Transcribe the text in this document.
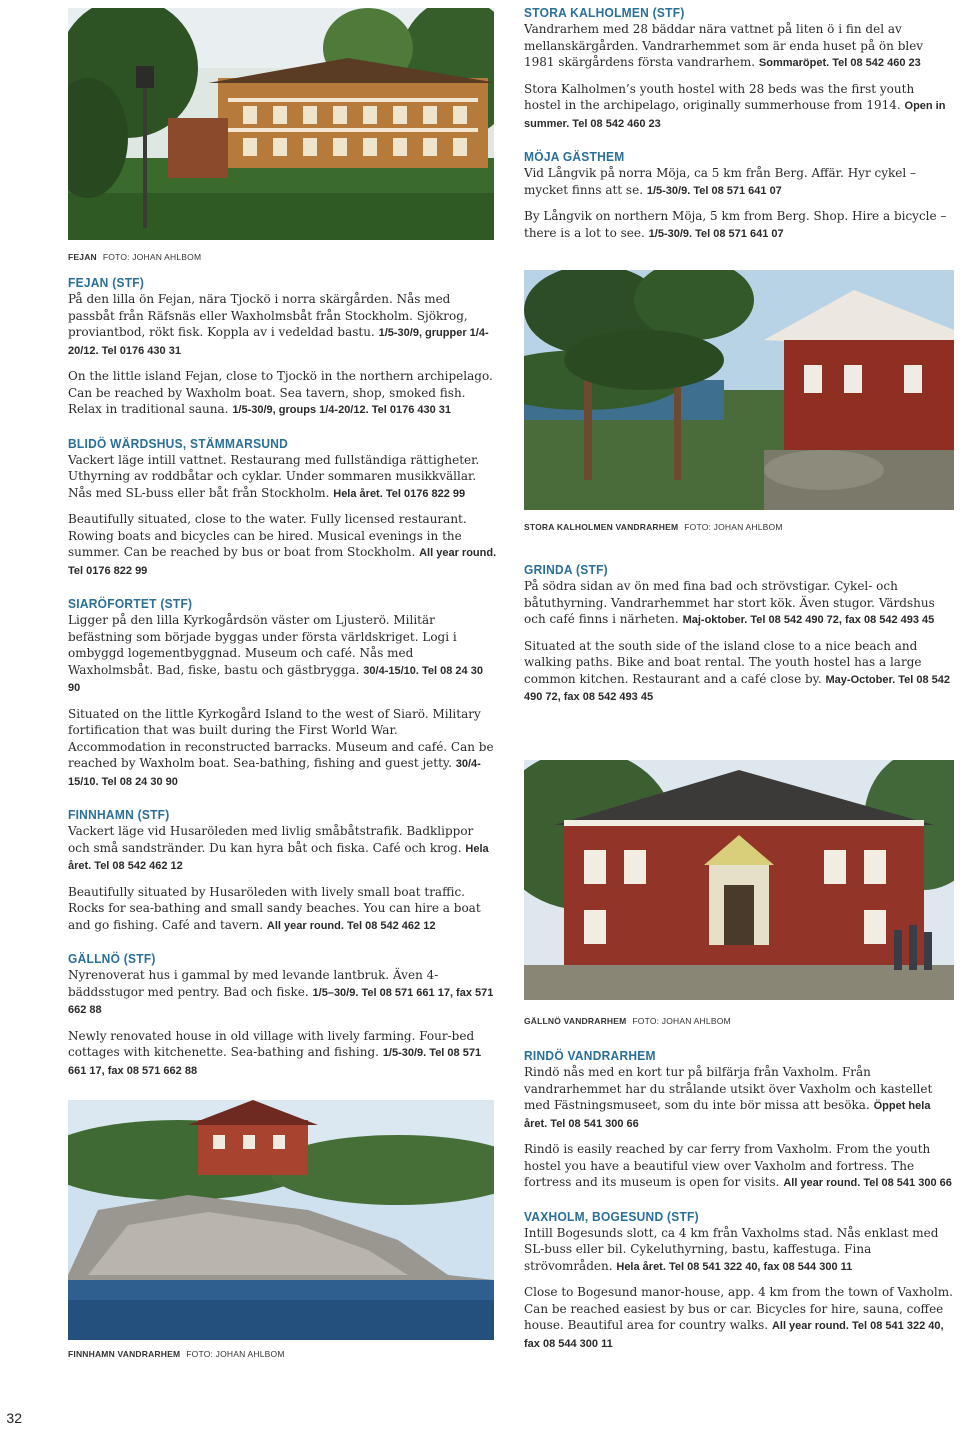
FEJAN FOTO: JOHAN AHLBOM
FEJAN (STF)

På den lilla ön Fejan, nära Tjockö i norra skärgården. Nås med passbåt från Räfsnäs eller Waxholmsbåt från Stockholm. Sjökrog, proviantbod, rökt fisk. Koppla av i vedeldad bastu. 1/5-30/9, grupper 1/4-20/12. Tel 0176 430 31

On the little island Fejan, close to Tjockö in the northern archipelago. Can be reached by Waxholm boat. Sea tavern, shop, smoked fish. Relax in traditional sauna. 1/5-30/9, groups 1/4-20/12. Tel 0176 430 31

BLIDÖ WÄRDSHUS, STÄMMARSUND

Vackert läge intill vattnet. Restaurang med fullständiga rättigheter. Uthyrning av roddbåtar och cyklar. Under sommaren musikkvällar. Nås med SL-buss eller båt från Stockholm. Hela året. Tel 0176 822 99

Beautifully situated, close to the water. Fully licensed restaurant. Rowing boats and bicycles can be hired. Musical evenings in the summer. Can be reached by bus or boat from Stockholm. All year round. Tel 0176 822 99

SIARÖFORTET (STF)

Ligger på den lilla Kyrkogårdsön väster om Ljusterö. Militär befästning som började byggas under första världskriget. Logi i ombyggd logementbyggnad. Museum och café. Nås med Waxholmsbåt. Bad, fiske, bastu och gästbrygga. 30/4-15/10. Tel 08 24 30 90

Situated on the little Kyrkogård Island to the west of Siarö. Military fortification that was built during the First World War. Accommodation in reconstructed barracks. Museum and café. Can be reached by Waxholm boat. Sea-bathing, fishing and guest jetty. 30/4-15/10. Tel 08 24 30 90

FINNHAMN (STF)

Vackert läge vid Husaröleden med livlig småbåtstrafik. Badklippor och små sandstränder. Du kan hyra båt och fiska. Café och krog. Hela året. Tel 08 542 462 12

Beautifully situated by Husaröleden with lively small boat traffic. Rocks for sea-bathing and small sandy beaches. You can hire a boat and go fishing. Café and tavern. All year round. Tel 08 542 462 12

GÄLLNÖ (STF)

Nyrenoverat hus i gammal by med levande lantbruk. Även 4-bäddsstugor med pentry. Bad och fiske. 1/5–30/9. Tel 08 571 661 17, fax 571 662 88

Newly renovated house in old village with lively farming. Four-bed cottages with kitchenette. Sea-bathing and fishing. 1/5-30/9. Tel 08 571 661 17, fax 08 571 662 88

FINNHAMN VANDRARHEM FOTO: JOHAN AHLBOM
STORA KALHOLMEN (STF)

Vandrarhem med 28 bäddar nära vattnet på liten ö i fin del av mellanskärgården. Vandrarhemmet som är enda huset på ön blev 1981 skärgårdens första vandrarhem. Sommaröpet. Tel 08 542 460 23

Stora Kalholmen’s youth hostel with 28 beds was the first youth hostel in the archipelago, originally summerhouse from 1914. Open in summer. Tel 08 542 460 23

MÖJA GÄSTHEM

Vid Långvik på norra Möja, ca 5 km från Berg. Affär. Hyr cykel – mycket finns att se. 1/5-30/9. Tel 08 571 641 07

By Långvik on northern Möja, 5 km from Berg. Shop. Hire a bicycle – there is a lot to see. 1/5-30/9. Tel 08 571 641 07

STORA KALHOLMEN VANDRARHEM FOTO: JOHAN AHLBOM
GRINDA (STF)

På södra sidan av ön med fina bad och strövstigar. Cykel- och båtuthyrning. Vandrarhemmet har stort kök. Även stugor. Värdshus och café finns i närheten. Maj-oktober. Tel 08 542 490 72, fax 08 542 493 45

Situated at the south side of the island close to a nice beach and walking paths. Bike and boat rental. The youth hostel has a large common kitchen. Restaurant and a café close by. May-October. Tel 08 542 490 72, fax 08 542 493 45

GÄLLNÖ VANDRARHEM FOTO: JOHAN AHLBOM
RINDÖ VANDRARHEM

Rindö nås med en kort tur på bilfärja från Vaxholm. Från vandrarhemmet har du strålande utsikt över Vaxholm och kastellet med Fästningsmuseet, som du inte bör missa att besöka. Öppet hela året. Tel 08 541 300 66

Rindö is easily reached by car ferry from Vaxholm. From the youth hostel you have a beautiful view over Vaxholm and fortress. The fortress and its museum is open for visits. All year round. Tel 08 541 300 66

VAXHOLM, BOGESUND (STF)

Intill Bogesunds slott, ca 4 km från Vaxholms stad. Nås enklast med SL-buss eller bil. Cykeluthyrning, bastu, kaffestuga. Fina strövområden. Hela året. Tel 08 541 322 40, fax 08 544 300 11

Close to Bogesund manor-house, app. 4 km from the town of Vaxholm. Can be reached easiest by bus or car. Bicycles for hire, sauna, coffee house. Beautiful area for country walks. All year round. Tel 08 541 322 40, fax 08 544 300 11

32
